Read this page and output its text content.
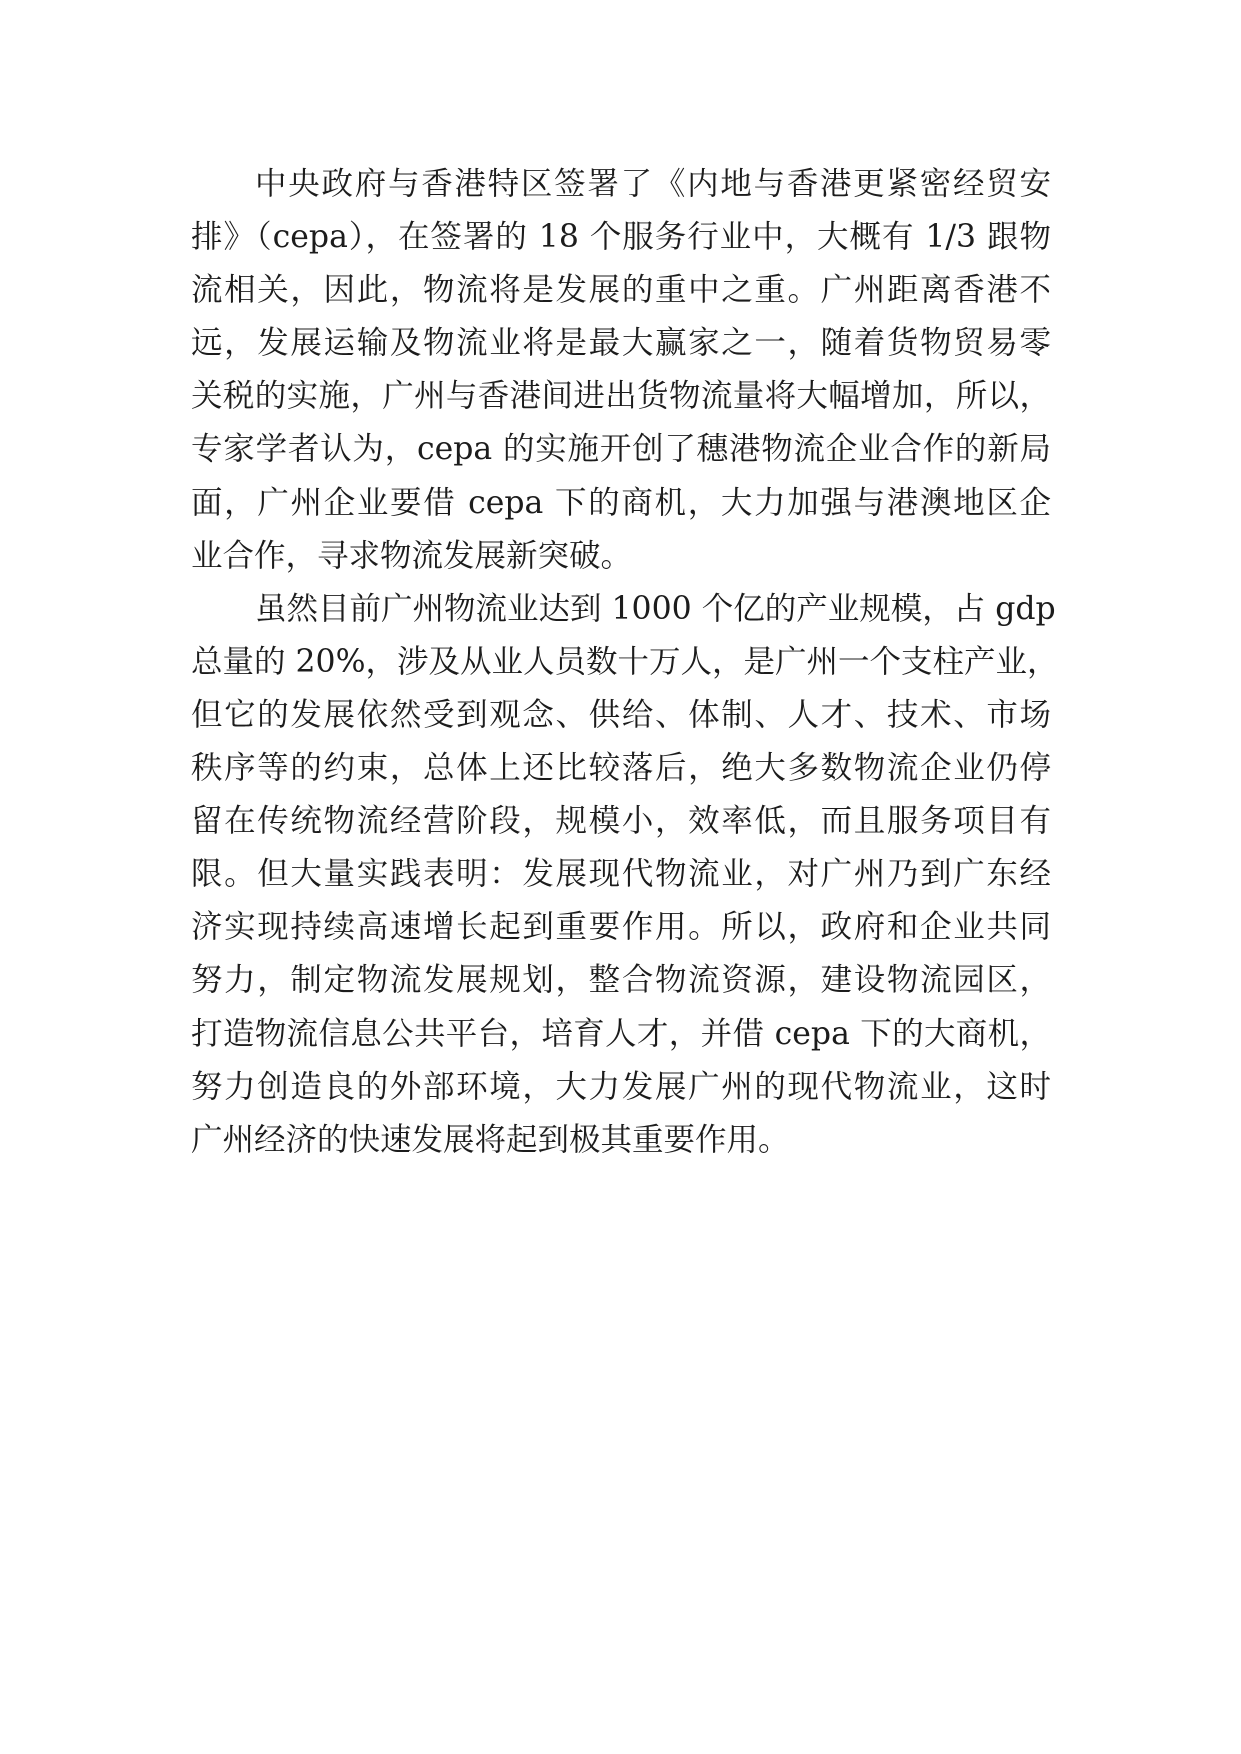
中央政府与香港特区签署了《内地与香港更紧密经贸安
排》（cepa），在签署的 18 个服务行业中，大概有 1/3 跟物
流相关，因此，物流将是发展的重中之重。广州距离香港不
远，发展运输及物流业将是最大赢家之一，随着货物贸易零
关税的实施，广州与香港间进出货物流量将大幅增加，所以，
专家学者认为，cepa 的实施开创了穗港物流企业合作的新局
面，广州企业要借 cepa 下的商机，大力加强与港澳地区企
业合作，寻求物流发展新突破。
虽然目前广州物流业达到 1000 个亿的产业规模，占 gdp
总量的 20%，涉及从业人员数十万人，是广州一个支柱产业，
但它的发展依然受到观念、供给、体制、人才、技术、市场
秩序等的约束，总体上还比较落后，绝大多数物流企业仍停
留在传统物流经营阶段，规模小，效率低，而且服务项目有
限。但大量实践表明：发展现代物流业，对广州乃到广东经
济实现持续高速增长起到重要作用。所以，政府和企业共同
努力，制定物流发展规划，整合物流资源，建设物流园区，
打造物流信息公共平台，培育人才，并借 cepa 下的大商机，
努力创造良的外部环境，大力发展广州的现代物流业，这时
广州经济的快速发展将起到极其重要作用。
